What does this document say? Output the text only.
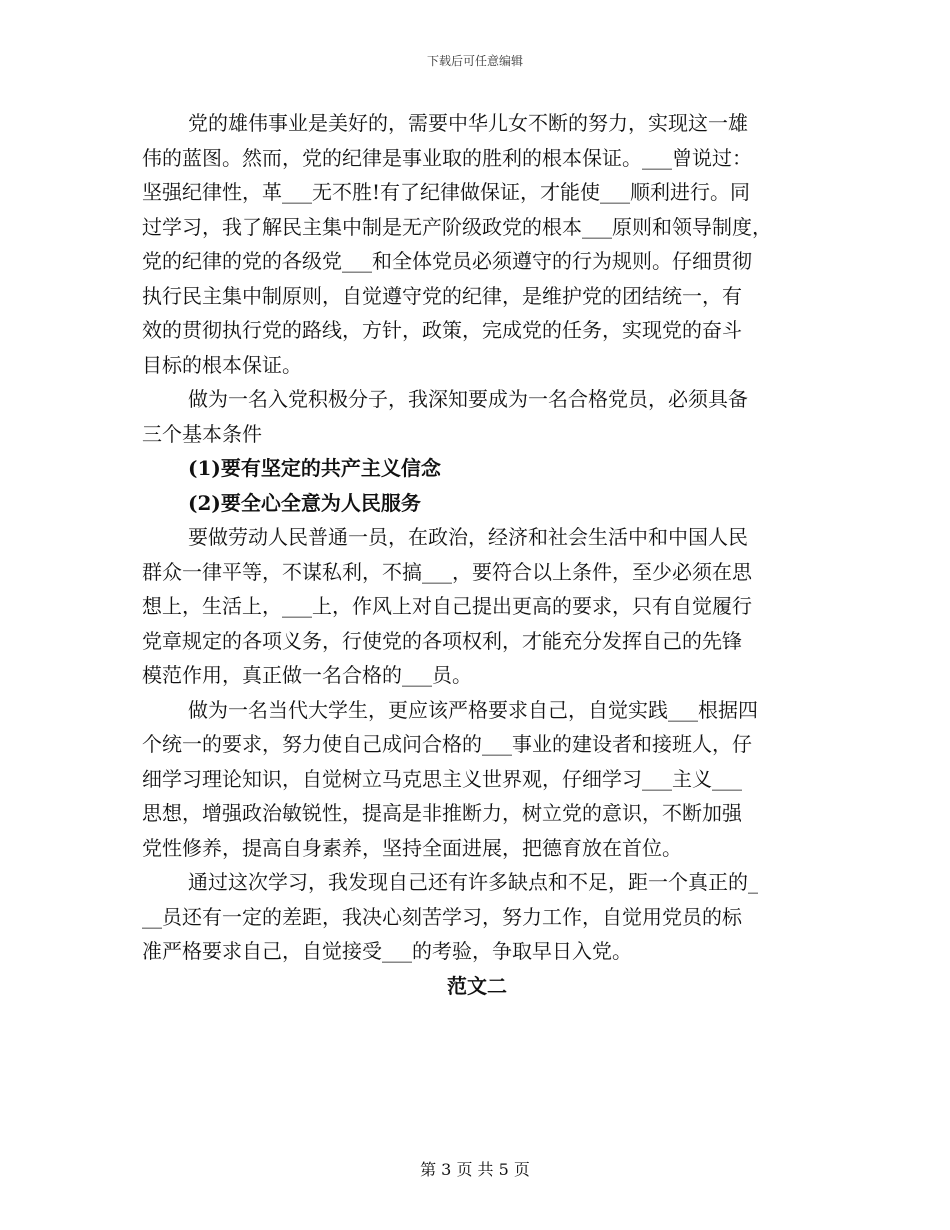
下载后可任意编辑
党的雄伟事业是美好的，需要中华儿女不断的努力，实现这一雄
伟的蓝图。然而，党的纪律是事业取的胜利的根本保证。___曾说过：
坚强纪律性，革___无不胜!有了纪律做保证，才能使___顺利进行。同
过学习，我了解民主集中制是无产阶级政党的根本___原则和领导制度，
党的纪律的党的各级党___和全体党员必须遵守的行为规则。仔细贯彻
执行民主集中制原则，自觉遵守党的纪律，是维护党的团结统一，有
效的贯彻执行党的路线，方针，政策，完成党的任务，实现党的奋斗
目标的根本保证。
做为一名入党积极分子，我深知要成为一名合格党员，必须具备
三个基本条件
(1)要有坚定的共产主义信念
(2)要全心全意为人民服务
要做劳动人民普通一员，在政治，经济和社会生活中和中国人民
群众一律平等，不谋私利，不搞___，要符合以上条件，至少必须在思
想上，生活上，___上，作风上对自己提出更高的要求，只有自觉履行
党章规定的各项义务，行使党的各项权利，才能充分发挥自己的先锋
模范作用，真正做一名合格的___员。
做为一名当代大学生，更应该严格要求自己，自觉实践___根据四
个统一的要求，努力使自己成问合格的___事业的建设者和接班人，仔
细学习理论知识，自觉树立马克思主义世界观，仔细学习___主义___
思想，增强政治敏锐性，提高是非推断力，树立党的意识，不断加强
党性修养，提高自身素养，坚持全面进展，把德育放在首位。
通过这次学习，我发现自己还有许多缺点和不足，距一个真正的_
__员还有一定的差距，我决心刻苦学习，努力工作，自觉用党员的标
准严格要求自己，自觉接受___的考验，争取早日入党。
范文二
第 3 页 共 5 页
